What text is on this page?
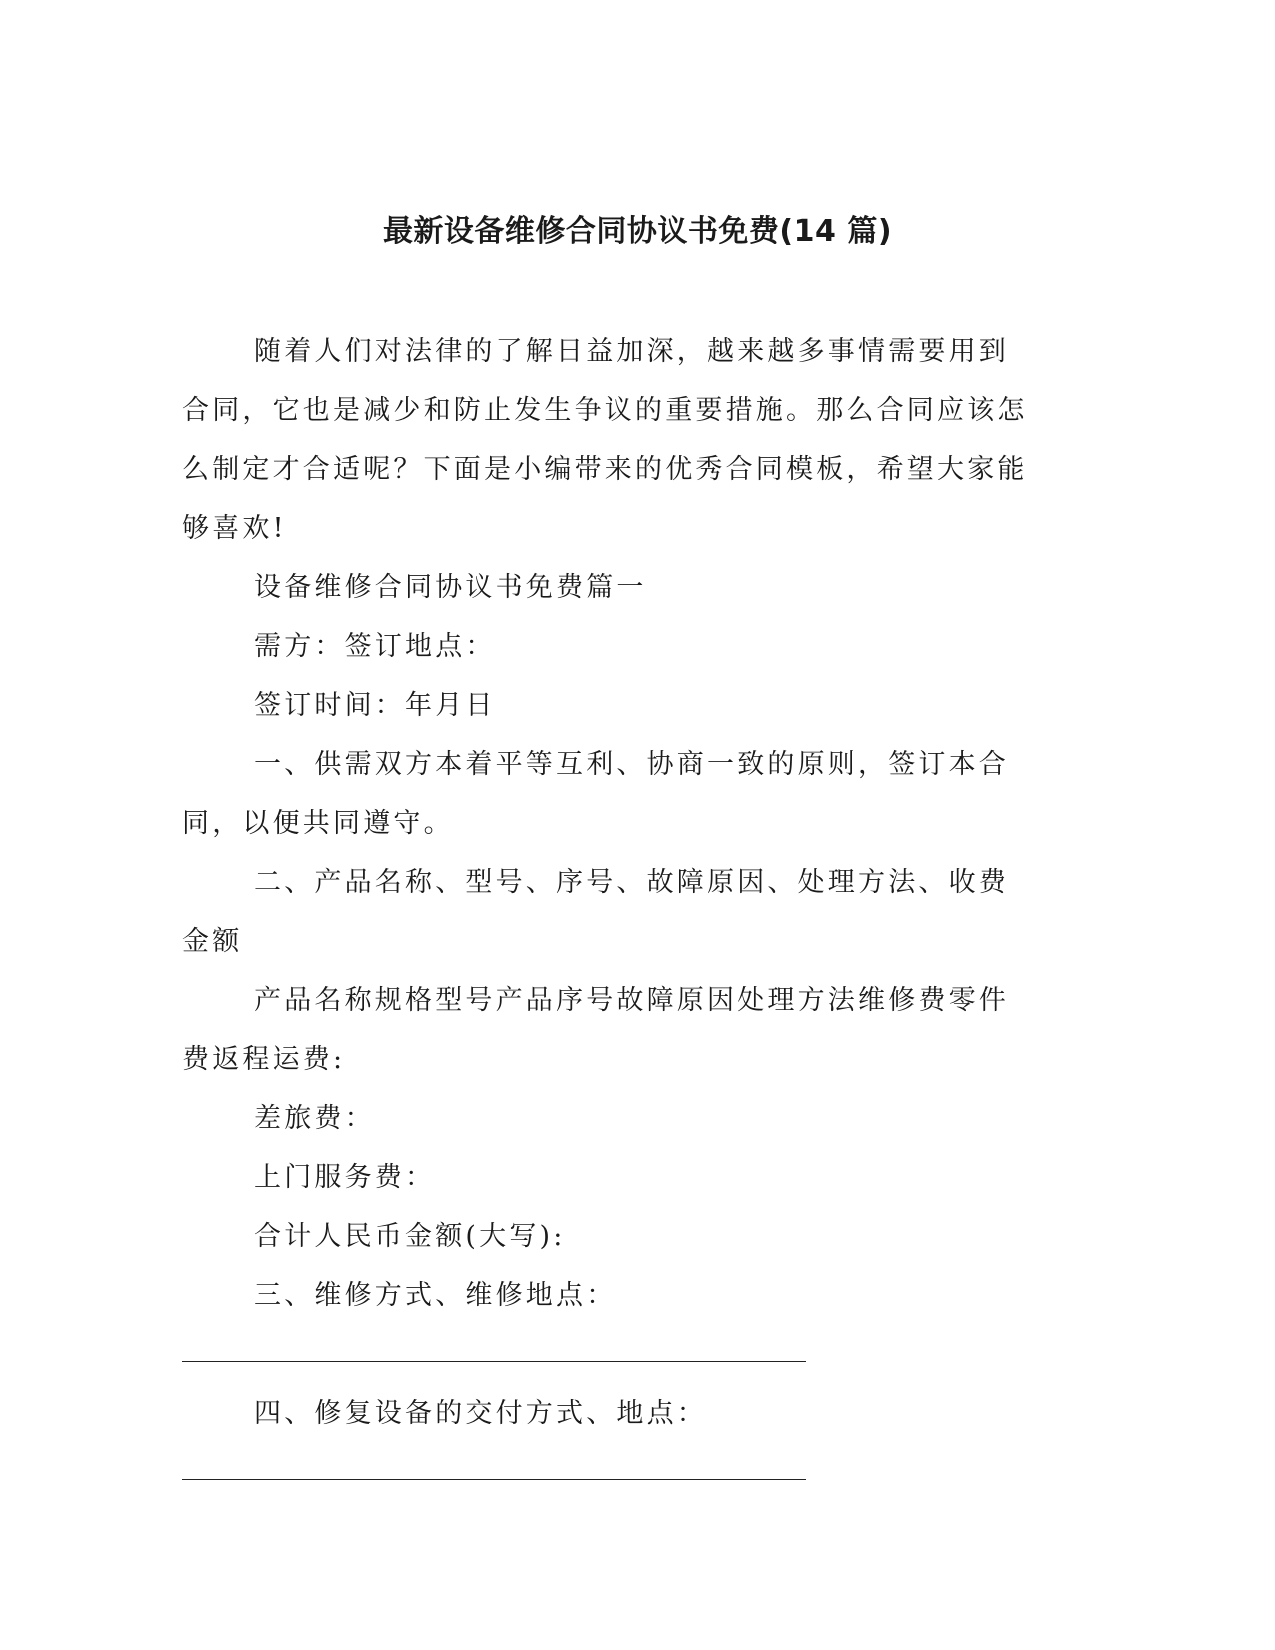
最新设备维修合同协议书免费(14 篇)

随着人们对法律的了解日益加深，越来越多事情需要用到合同，它也是减少和防止发生争议的重要措施。那么合同应该怎么制定才合适呢？下面是小编带来的优秀合同模板，希望大家能够喜欢!

设备维修合同协议书免费篇一

需方：签订地点：

签订时间：年月日

一、供需双方本着平等互利、协商一致的原则，签订本合同，以便共同遵守。

二、产品名称、型号、序号、故障原因、处理方法、收费金额

产品名称规格型号产品序号故障原因处理方法维修费零件费返程运费:

差旅费：

上门服务费：

合计人民币金额(大写):

三、维修方式、维修地点：

四、修复设备的交付方式、地点：
